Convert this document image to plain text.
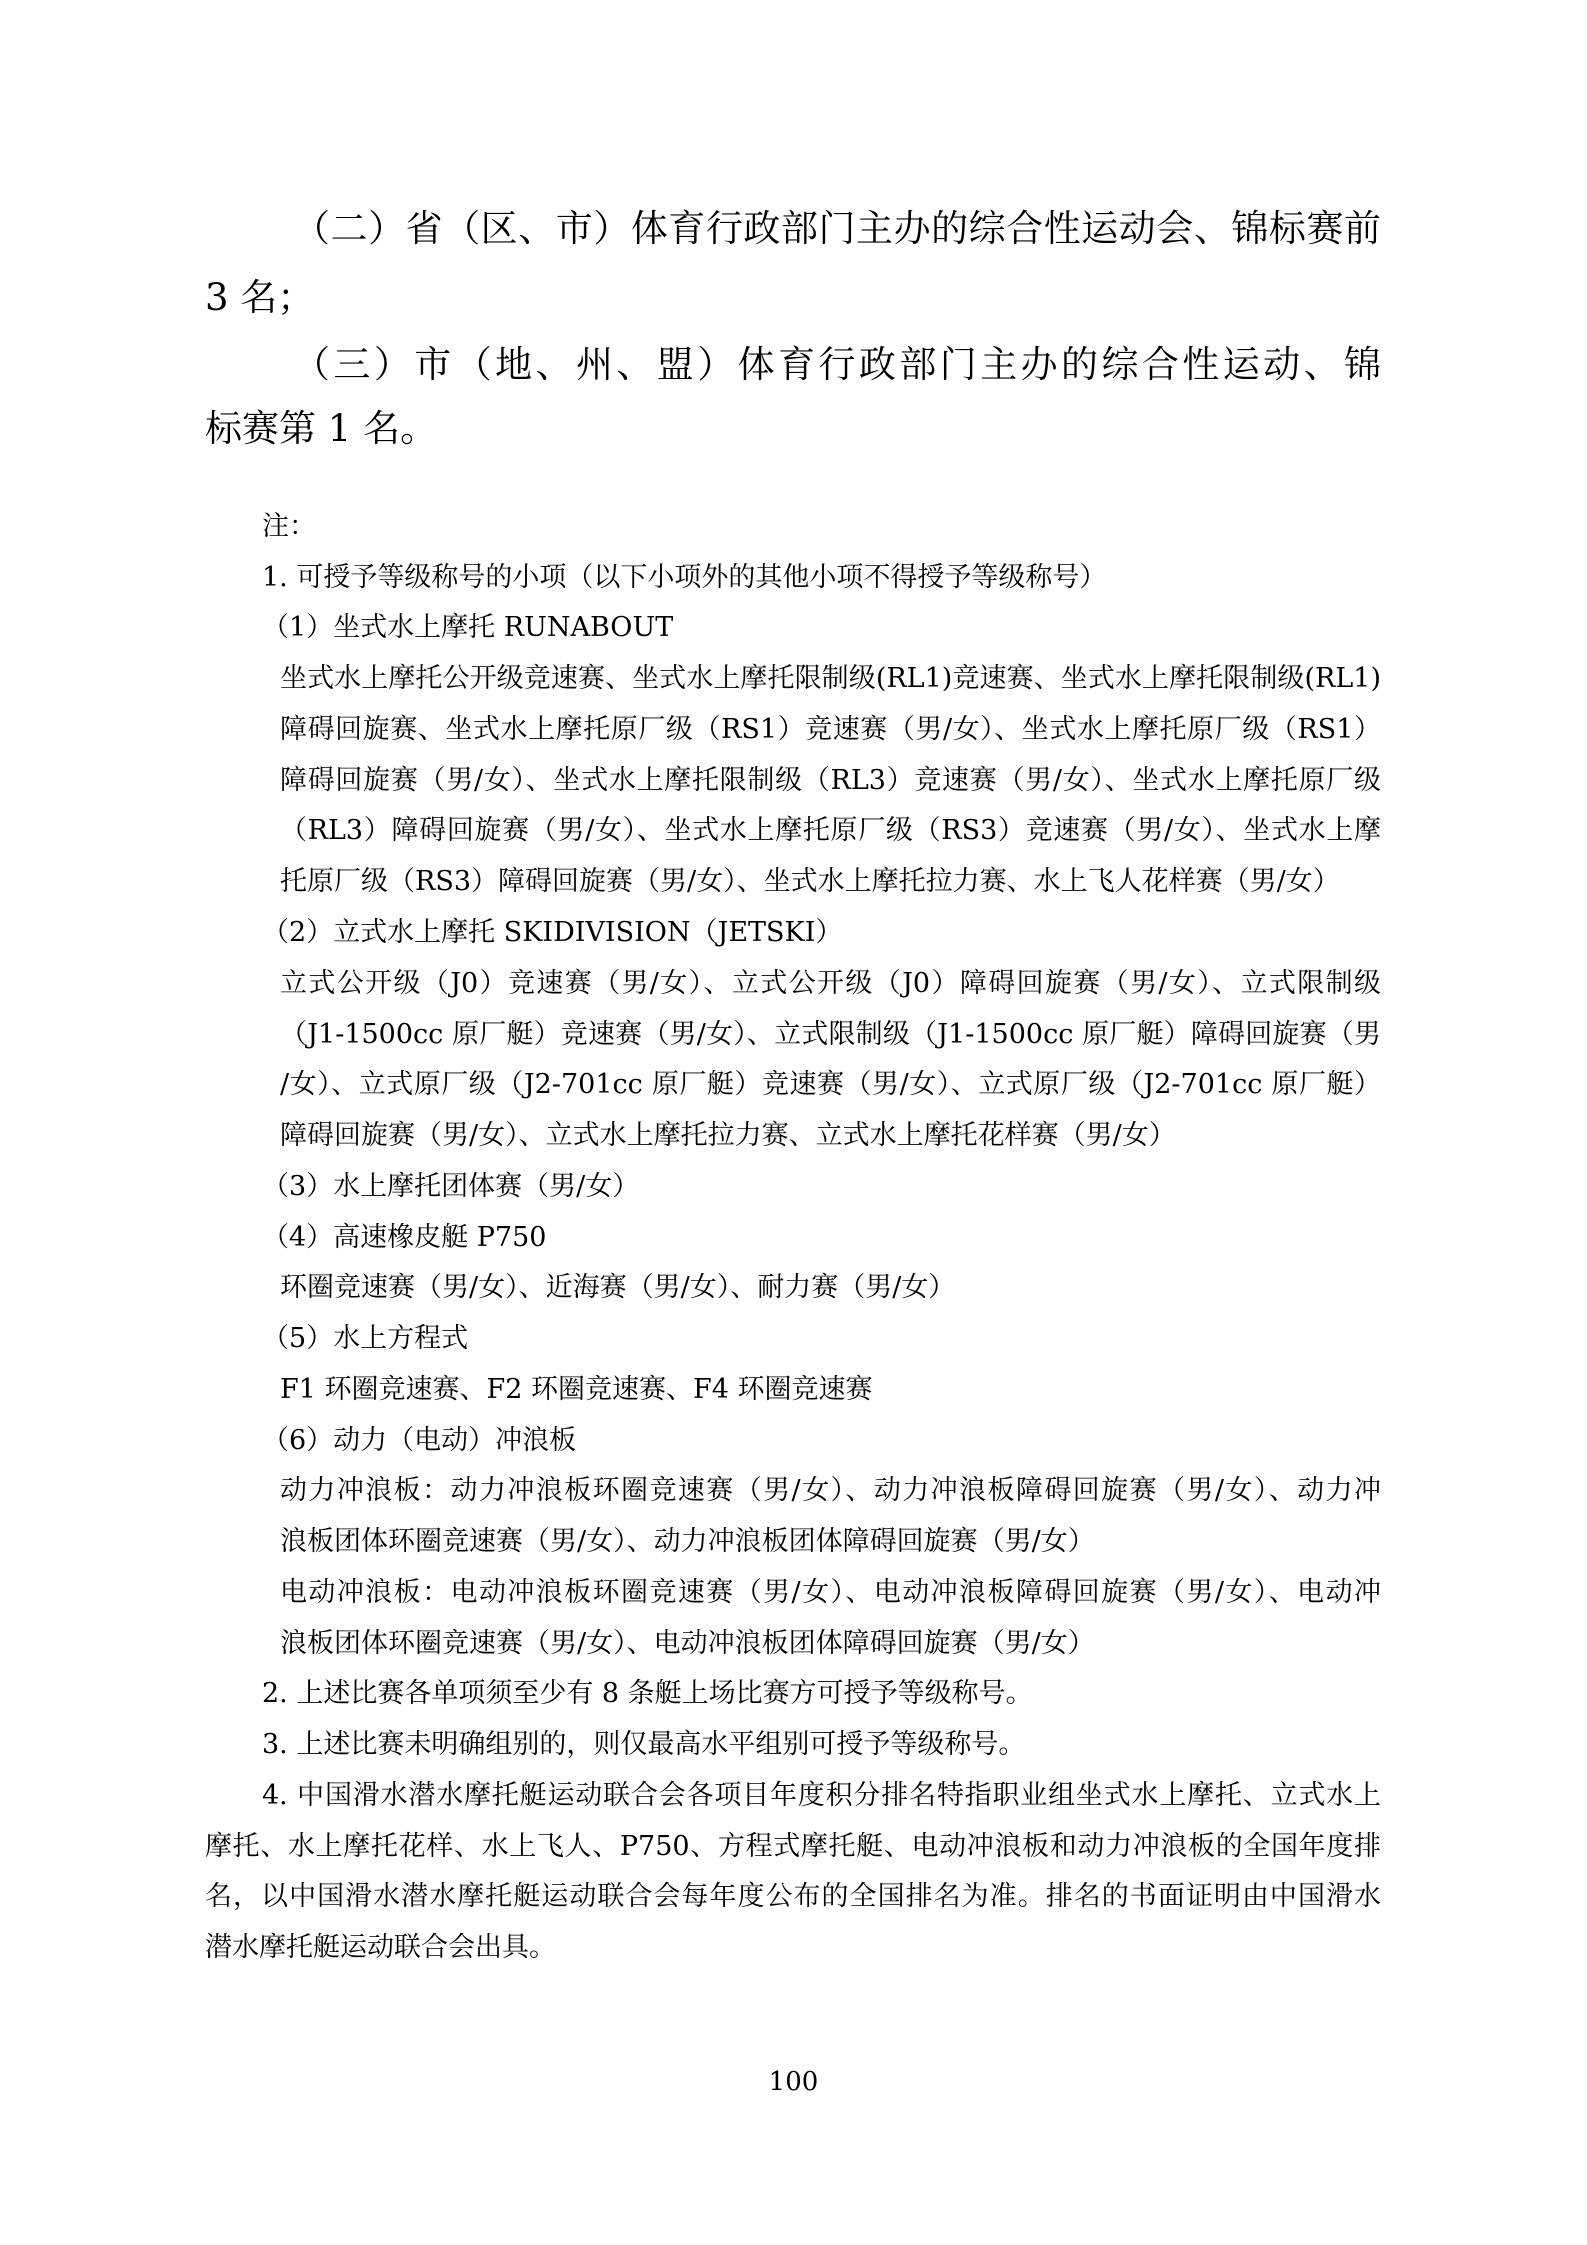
（二）省（区、市）体育行政部门主办的综合性运动会、锦标赛前
3 名；
（三）市（地、州、盟）体育行政部门主办的综合性运动、锦
标赛第 1 名。
注：
1. 可授予等级称号的小项（以下小项外的其他小项不得授予等级称号）
（1）坐式水上摩托 RUNABOUT
坐式水上摩托公开级竞速赛、坐式水上摩托限制级(RL1)竞速赛、坐式水上摩托限制级(RL1)
障碍回旋赛、坐式水上摩托原厂级（RS1）竞速赛（男/女）、坐式水上摩托原厂级（RS1）
障碍回旋赛（男/女）、坐式水上摩托限制级（RL3）竞速赛（男/女）、坐式水上摩托原厂级
（RL3）障碍回旋赛（男/女）、坐式水上摩托原厂级（RS3）竞速赛（男/女）、坐式水上摩
托原厂级（RS3）障碍回旋赛（男/女）、坐式水上摩托拉力赛、水上飞人花样赛（男/女）
（2）立式水上摩托 SKIDIVISION（JETSKI）
立式公开级（J0）竞速赛（男/女）、立式公开级（J0）障碍回旋赛（男/女）、立式限制级
（J1-1500cc 原厂艇）竞速赛（男/女）、立式限制级（J1-1500cc 原厂艇）障碍回旋赛（男
/女）、立式原厂级（J2-701cc 原厂艇）竞速赛（男/女）、立式原厂级（J2-701cc 原厂艇）
障碍回旋赛（男/女）、立式水上摩托拉力赛、立式水上摩托花样赛（男/女）
（3）水上摩托团体赛（男/女）
（4）高速橡皮艇 P750
环圈竞速赛（男/女）、近海赛（男/女）、耐力赛（男/女）
（5）水上方程式
F1 环圈竞速赛、F2 环圈竞速赛、F4 环圈竞速赛
（6）动力（电动）冲浪板
动力冲浪板：动力冲浪板环圈竞速赛（男/女）、动力冲浪板障碍回旋赛（男/女）、动力冲
浪板团体环圈竞速赛（男/女）、动力冲浪板团体障碍回旋赛（男/女）
电动冲浪板：电动冲浪板环圈竞速赛（男/女）、电动冲浪板障碍回旋赛（男/女）、电动冲
浪板团体环圈竞速赛（男/女）、电动冲浪板团体障碍回旋赛（男/女）
2. 上述比赛各单项须至少有 8 条艇上场比赛方可授予等级称号。
3. 上述比赛未明确组别的，则仅最高水平组别可授予等级称号。
4. 中国滑水潜水摩托艇运动联合会各项目年度积分排名特指职业组坐式水上摩托、立式水上
摩托、水上摩托花样、水上飞人、P750、方程式摩托艇、电动冲浪板和动力冲浪板的全国年度排
名，以中国滑水潜水摩托艇运动联合会每年度公布的全国排名为准。排名的书面证明由中国滑水
潜水摩托艇运动联合会出具。
100
